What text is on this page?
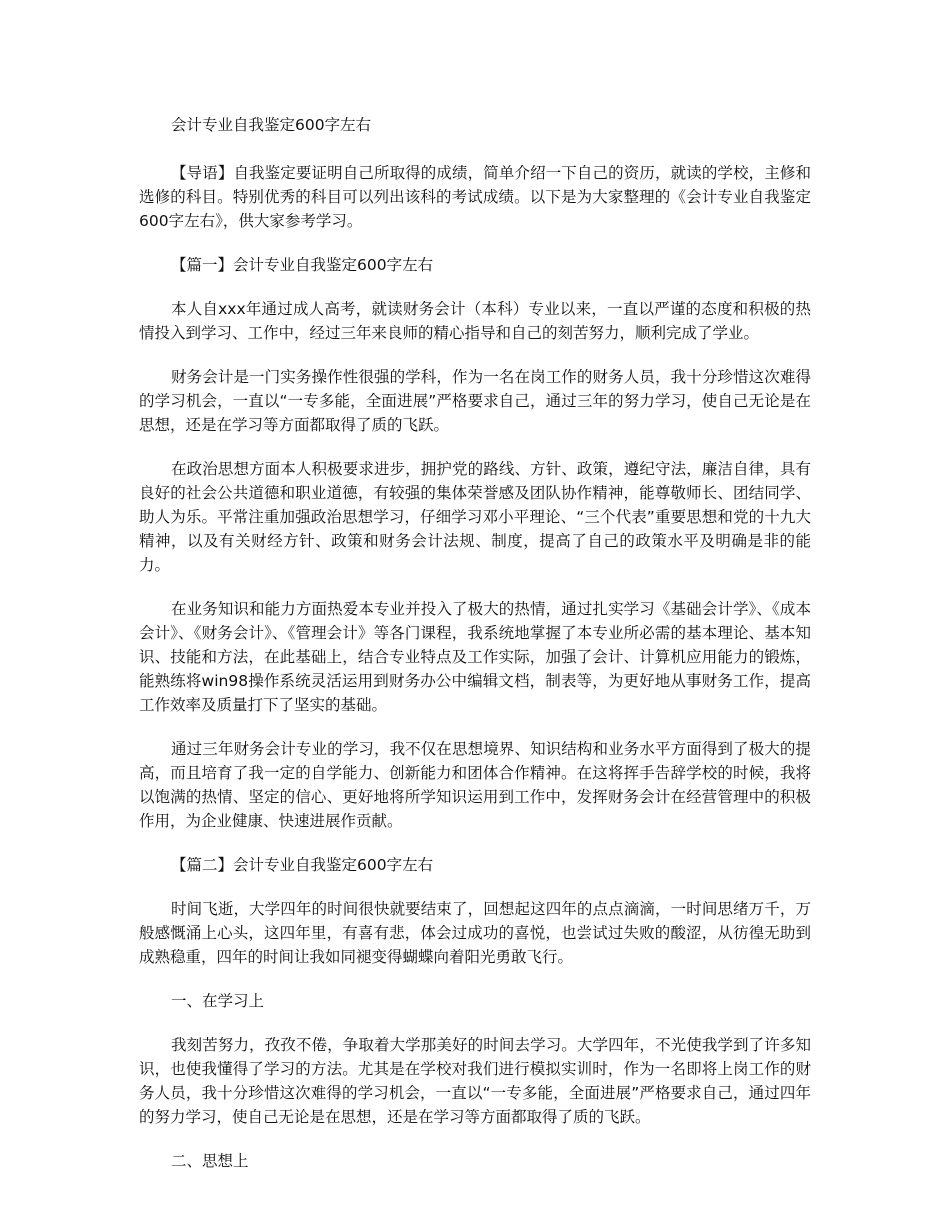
会计专业自我鉴定600字左右

【导语】自我鉴定要证明自己所取得的成绩，简单介绍一下自己的资历，就读的学校，主修和选修的科目。特别优秀的科目可以列出该科的考试成绩。以下是为大家整理的《会计专业自我鉴定600字左右》，供大家参考学习。

【篇一】会计专业自我鉴定600字左右

本人自xxx年通过成人高考，就读财务会计（本科）专业以来，一直以严谨的态度和积极的热情投入到学习、工作中，经过三年来良师的精心指导和自己的刻苦努力，顺利完成了学业。

财务会计是一门实务操作性很强的学科，作为一名在岗工作的财务人员，我十分珍惜这次难得的学习机会，一直以“一专多能，全面进展”严格要求自己，通过三年的努力学习，使自己无论是在思想，还是在学习等方面都取得了质的飞跃。

在政治思想方面本人积极要求进步，拥护党的路线、方针、政策，遵纪守法，廉洁自律，具有良好的社会公共道德和职业道德，有较强的集体荣誉感及团队协作精神，能尊敬师长、团结同学、助人为乐。平常注重加强政治思想学习，仔细学习邓小平理论、“三个代表”重要思想和党的十九大精神，以及有关财经方针、政策和财务会计法规、制度，提高了自己的政策水平及明确是非的能力。

在业务知识和能力方面热爱本专业并投入了极大的热情，通过扎实学习《基础会计学》、《成本会计》、《财务会计》、《管理会计》等各门课程，我系统地掌握了本专业所必需的基本理论、基本知识、技能和方法，在此基础上，结合专业特点及工作实际，加强了会计、计算机应用能力的锻炼，能熟练将win98操作系统灵活运用到财务办公中编辑文档，制表等，为更好地从事财务工作，提高工作效率及质量打下了坚实的基础。

通过三年财务会计专业的学习，我不仅在思想境界、知识结构和业务水平方面得到了极大的提高，而且培育了我一定的自学能力、创新能力和团体合作精神。在这将挥手告辞学校的时候，我将以饱满的热情、坚定的信心、更好地将所学知识运用到工作中，发挥财务会计在经营管理中的积极作用，为企业健康、快速进展作贡献。

【篇二】会计专业自我鉴定600字左右

时间飞逝，大学四年的时间很快就要结束了，回想起这四年的点点滴滴，一时间思绪万千，万般感慨涌上心头，这四年里，有喜有悲，体会过成功的喜悦，也尝试过失败的酸涩，从彷徨无助到成熟稳重，四年的时间让我如同褪变得蝴蝶向着阳光勇敢飞行。

一、在学习上

我刻苦努力，孜孜不倦，争取着大学那美好的时间去学习。大学四年，不光使我学到了许多知识，也使我懂得了学习的方法。尤其是在学校对我们进行模拟实训时，作为一名即将上岗工作的财务人员，我十分珍惜这次难得的学习机会，一直以“一专多能，全面进展”严格要求自己，通过四年的努力学习，使自己无论是在思想，还是在学习等方面都取得了质的飞跃。

二、思想上
